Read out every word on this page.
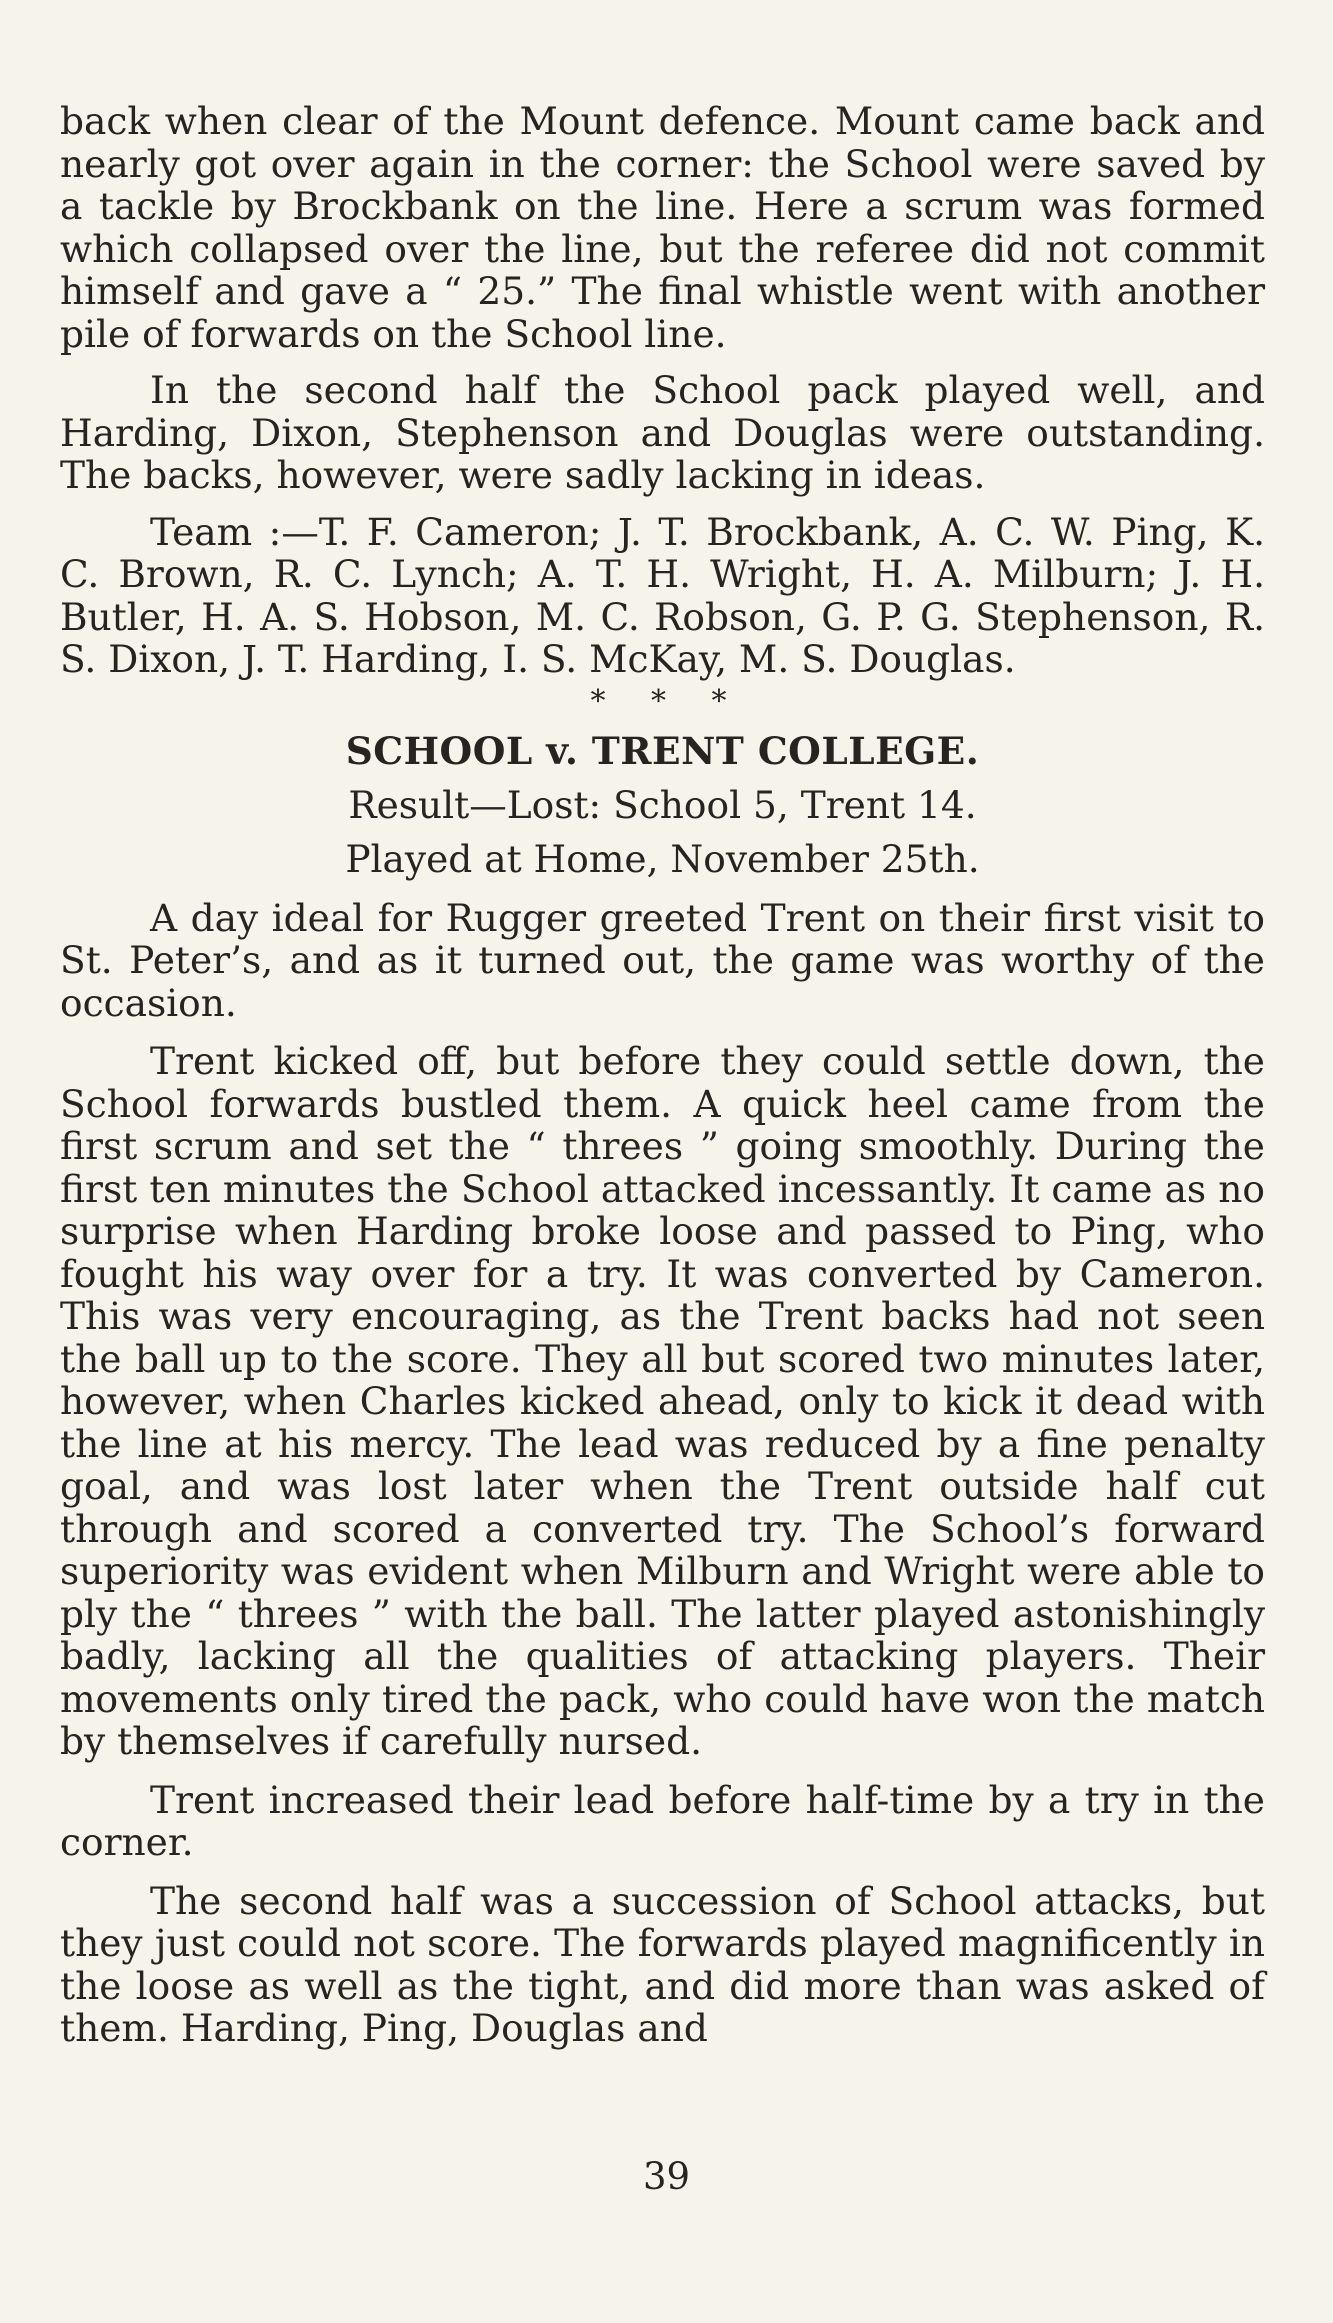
back when clear of the Mount defence. Mount came back and nearly got over again in the corner: the School were saved by a tackle by Brockbank on the line. Here a scrum was formed which collapsed over the line, but the referee did not commit himself and gave a “ 25.” The final whistle went with another pile of forwards on the School line.

In the second half the School pack played well, and Harding, Dixon, Stephenson and Douglas were outstanding. The backs, however, were sadly lacking in ideas.

Team :—T. F. Cameron; J. T. Brockbank, A. C. W. Ping, K. C. Brown, R. C. Lynch; A. T. H. Wright, H. A. Milburn; J. H. Butler, H. A. S. Hobson, M. C. Robson, G. P. G. Stephenson, R. S. Dixon, J. T. Harding, I. S. McKay, M. S. Douglas.

* * *

SCHOOL v. TRENT COLLEGE.

Result—Lost: School 5, Trent 14.

Played at Home, November 25th.

A day ideal for Rugger greeted Trent on their first visit to St. Peter’s, and as it turned out, the game was worthy of the occasion.

Trent kicked off, but before they could settle down, the School forwards bustled them. A quick heel came from the first scrum and set the “ threes ” going smoothly. During the first ten minutes the School attacked incessantly. It came as no surprise when Harding broke loose and passed to Ping, who fought his way over for a try. It was converted by Cameron. This was very encouraging, as the Trent backs had not seen the ball up to the score. They all but scored two minutes later, however, when Charles kicked ahead, only to kick it dead with the line at his mercy. The lead was reduced by a fine penalty goal, and was lost later when the Trent outside half cut through and scored a converted try. The School’s forward superiority was evident when Milburn and Wright were able to ply the “ threes ” with the ball. The latter played astonishingly badly, lacking all the qualities of attacking players. Their movements only tired the pack, who could have won the match by themselves if carefully nursed.

Trent increased their lead before half-time by a try in the corner.

The second half was a succession of School attacks, but they just could not score. The forwards played magnificently in the loose as well as the tight, and did more than was asked of them. Harding, Ping, Douglas and

39
